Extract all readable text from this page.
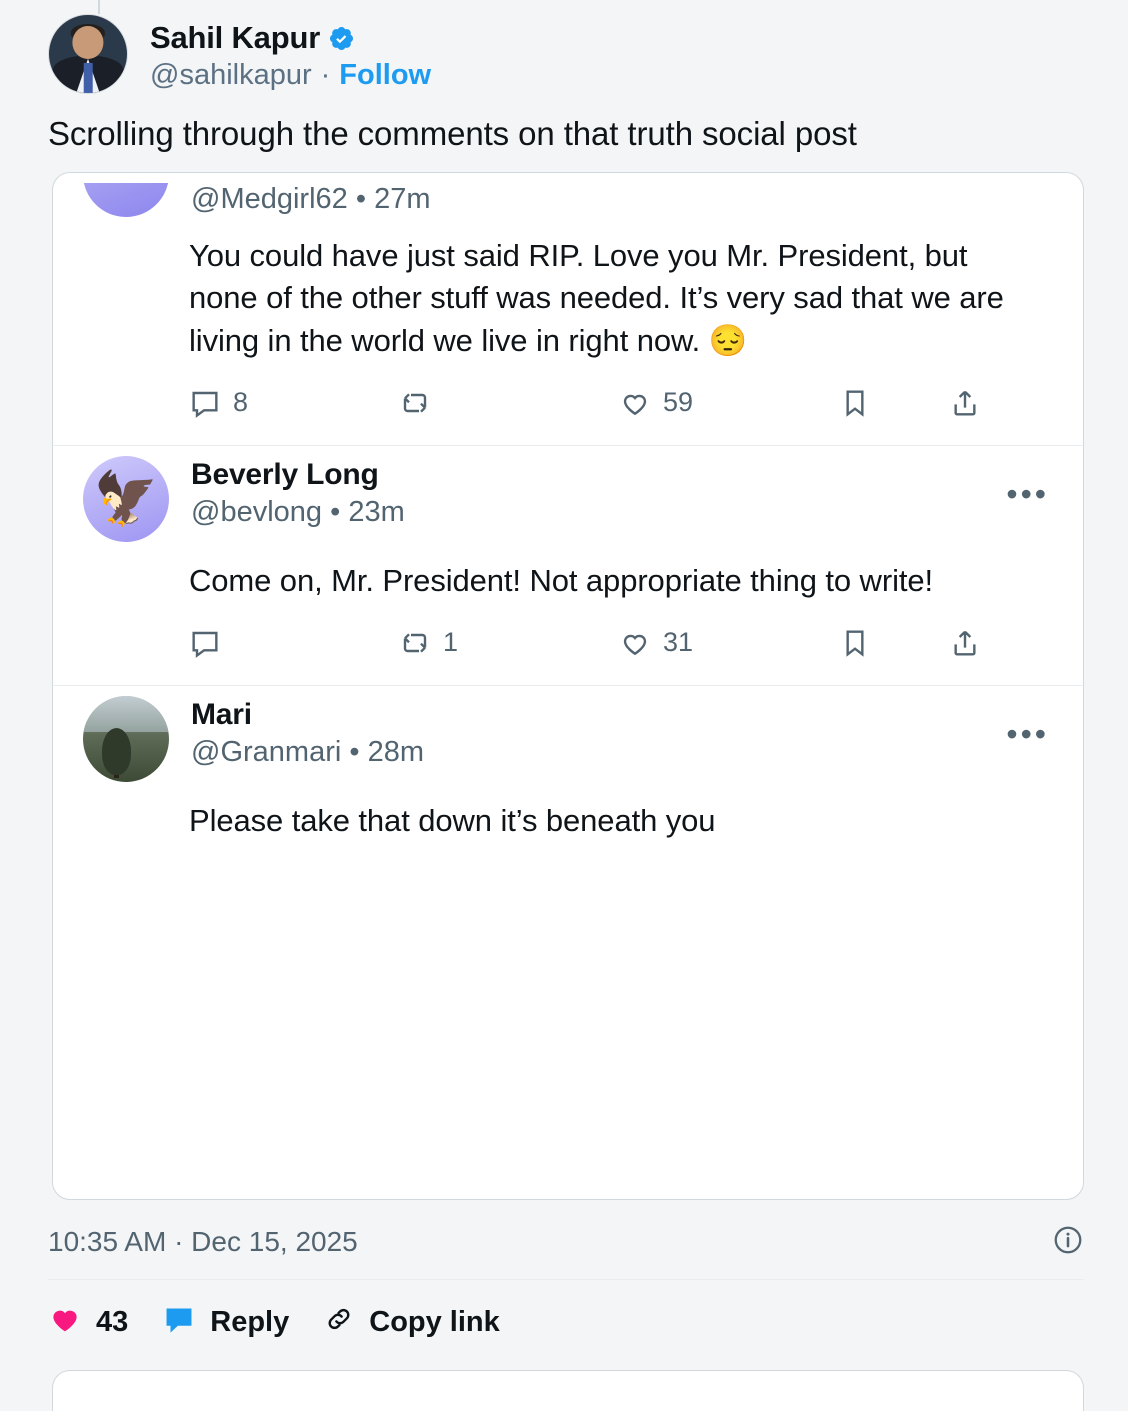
Sahil Kapur
@sahilkapur · Follow
Scrolling through the comments on that truth social post
@Medgirl62 • 27m
You could have just said RIP. Love you Mr. President, but none of the other stuff was needed. It’s very sad that we are living in the world we live in right now. 😔
8	59
🦅	Beverly Long
@bevlong • 23m	•••
Come on, Mr. President! Not appropriate thing to write!
1	31
Mari
@Granmari • 28m	•••
Please take that down it’s beneath you
10:35 AM · Dec 15, 2025
43	Reply	Copy link
